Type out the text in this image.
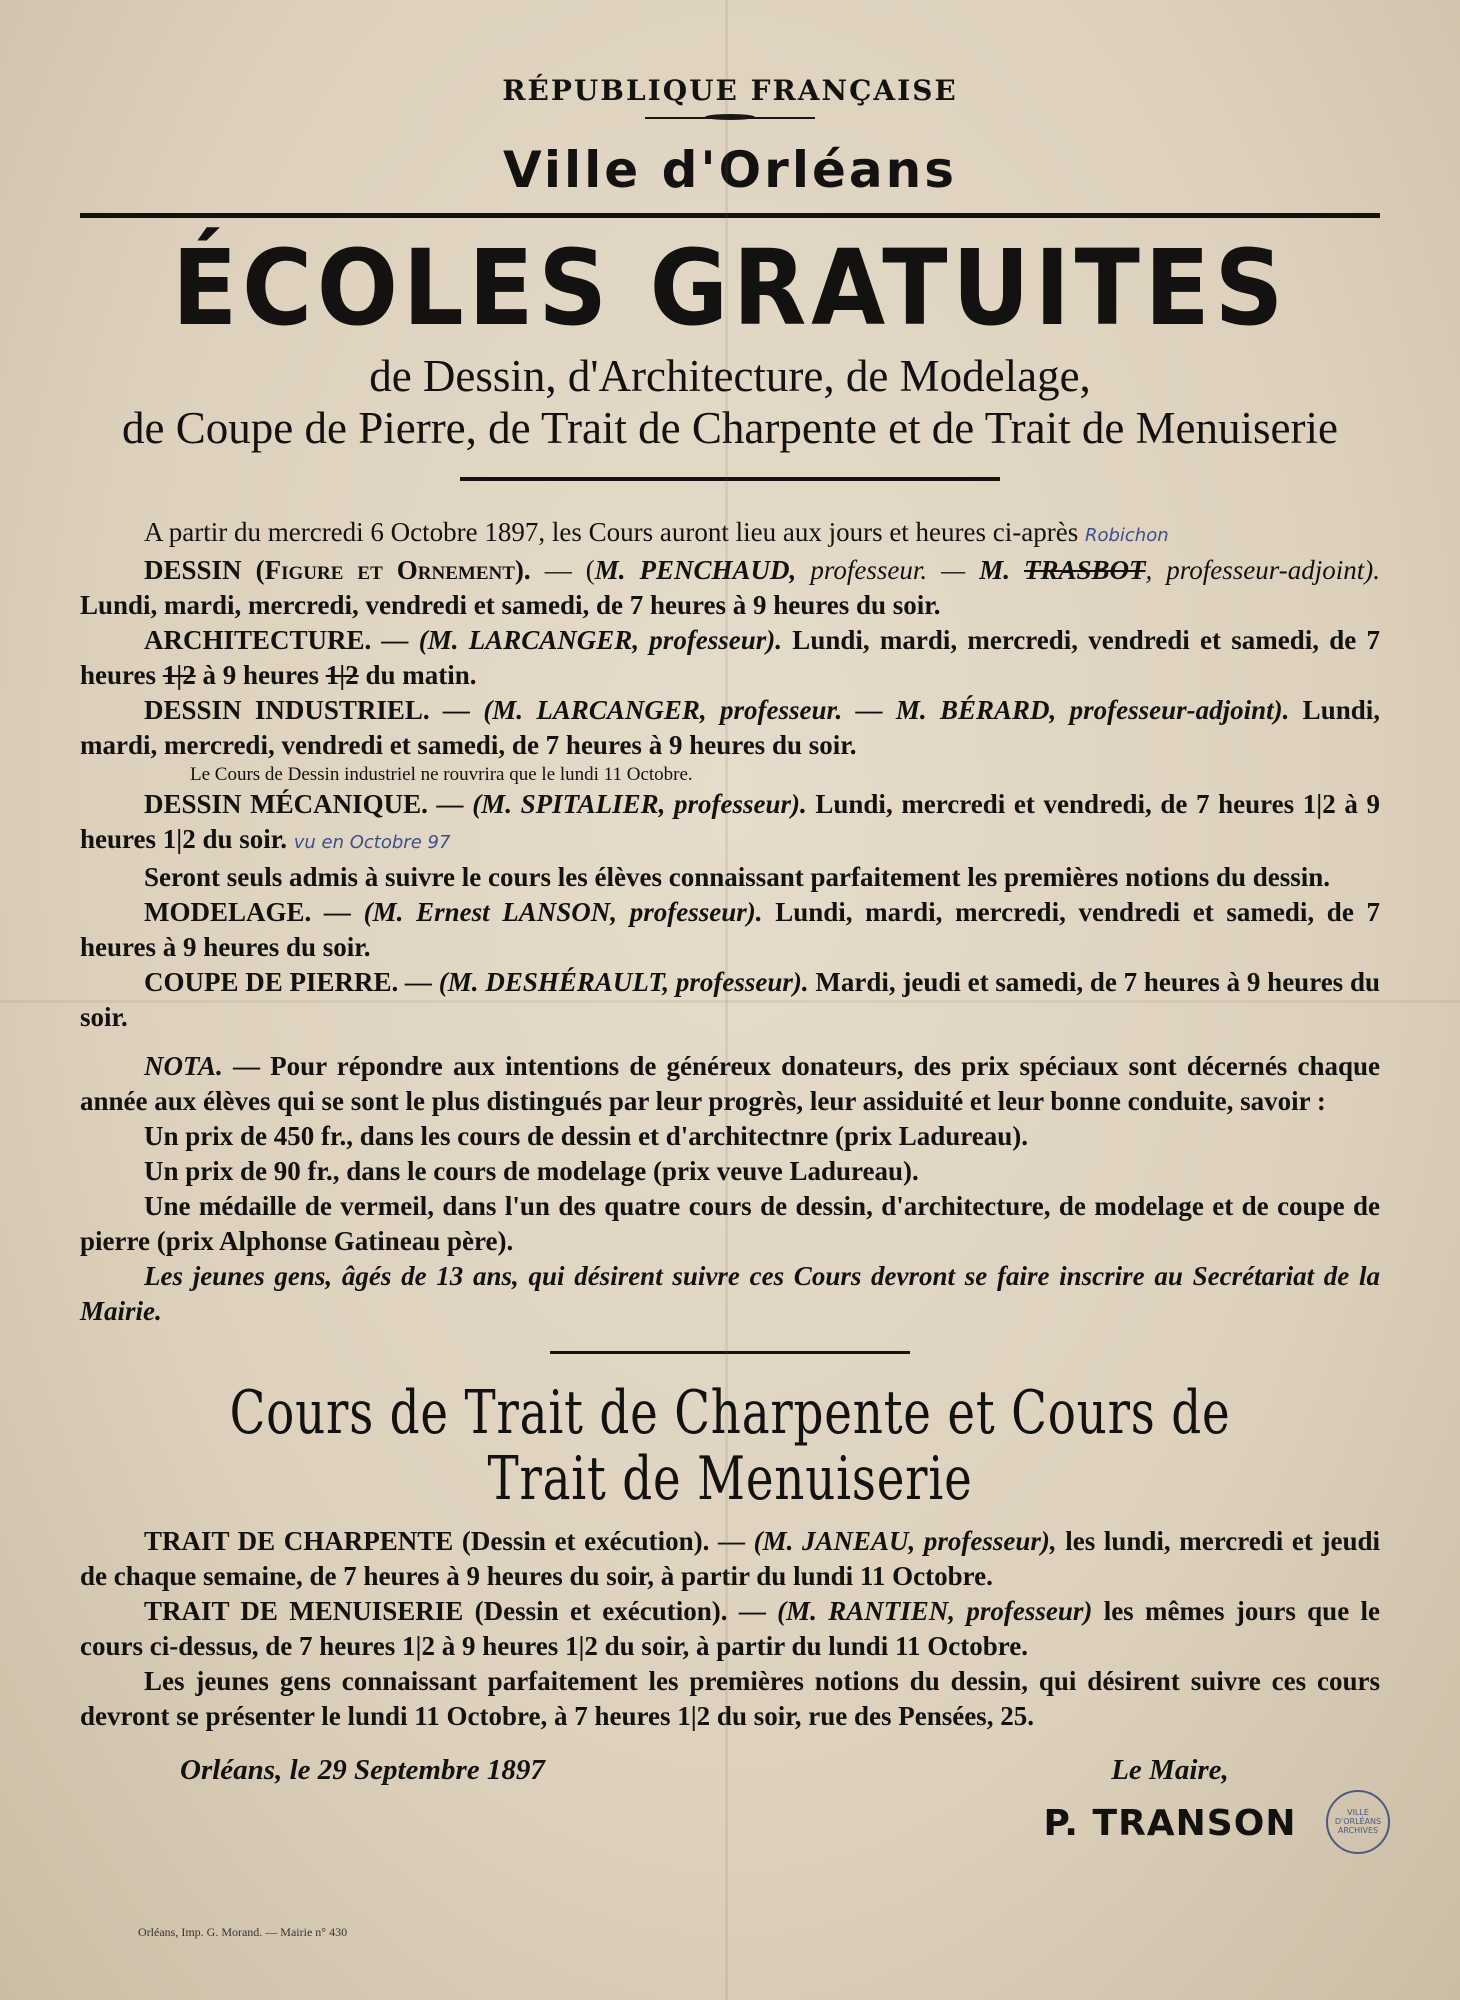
RÉPUBLIQUE FRANÇAISE
Ville d'Orléans
ÉCOLES GRATUITES
de Dessin, d'Architecture, de Modelage,
de Coupe de Pierre, de Trait de Charpente et de Trait de Menuiserie

A partir du mercredi 6 Octobre 1897, les Cours auront lieu aux jours et heures ci-après Robichon

DESSIN (Figure et Ornement). — (M. PENCHAUD, professeur. — M. TRASBOT, professeur-adjoint). Lundi, mardi, mercredi, vendredi et samedi, de 7 heures à 9 heures du soir.

ARCHITECTURE. — (M. LARCANGER, professeur). Lundi, mardi, mercredi, vendredi et samedi, de 7 heures 1|2 à 9 heures 1|2 du matin.

DESSIN INDUSTRIEL. — (M. LARCANGER, professeur. — M. BÉRARD, professeur-adjoint). Lundi, mardi, mercredi, vendredi et samedi, de 7 heures à 9 heures du soir.

Le Cours de Dessin industriel ne rouvrira que le lundi 11 Octobre.

DESSIN MÉCANIQUE. — (M. SPITALIER, professeur). Lundi, mercredi et vendredi, de 7 heures 1|2 à 9 heures 1|2 du soir. vu en Octobre 97

Seront seuls admis à suivre le cours les élèves connaissant parfaitement les premières notions du dessin.

MODELAGE. — (M. Ernest LANSON, professeur). Lundi, mardi, mercredi, vendredi et samedi, de 7 heures à 9 heures du soir.

COUPE DE PIERRE. — (M. DESHÉRAULT, professeur). Mardi, jeudi et samedi, de 7 heures à 9 heures du soir.

NOTA. — Pour répondre aux intentions de généreux donateurs, des prix spéciaux sont décernés chaque année aux élèves qui se sont le plus distingués par leur progrès, leur assiduité et leur bonne conduite, savoir :

Un prix de 450 fr., dans les cours de dessin et d'architectnre (prix Ladureau).

Un prix de 90 fr., dans le cours de modelage (prix veuve Ladureau).

Une médaille de vermeil, dans l'un des quatre cours de dessin, d'architecture, de modelage et de coupe de pierre (prix Alphonse Gatineau père).

Les jeunes gens, âgés de 13 ans, qui désirent suivre ces Cours devront se faire inscrire au Secrétariat de la Mairie.

Cours de Trait de Charpente et Cours de Trait de Menuiserie

TRAIT DE CHARPENTE (Dessin et exécution). — (M. JANEAU, professeur), les lundi, mercredi et jeudi de chaque semaine, de 7 heures à 9 heures du soir, à partir du lundi 11 Octobre.

TRAIT DE MENUISERIE (Dessin et exécution). — (M. RANTIEN, professeur) les mêmes jours que le cours ci-dessus, de 7 heures 1|2 à 9 heures 1|2 du soir, à partir du lundi 11 Octobre.

Les jeunes gens connaissant parfaitement les premières notions du dessin, qui désirent suivre ces cours devront se présenter le lundi 11 Octobre, à 7 heures 1|2 du soir, rue des Pensées, 25.

Orléans, le 29 Septembre 1897	Le Maire,
P. TRANSON	VILLE D'ORLÉANS ARCHIVES
Orléans, Imp. G. Morand. — Mairie n° 430
